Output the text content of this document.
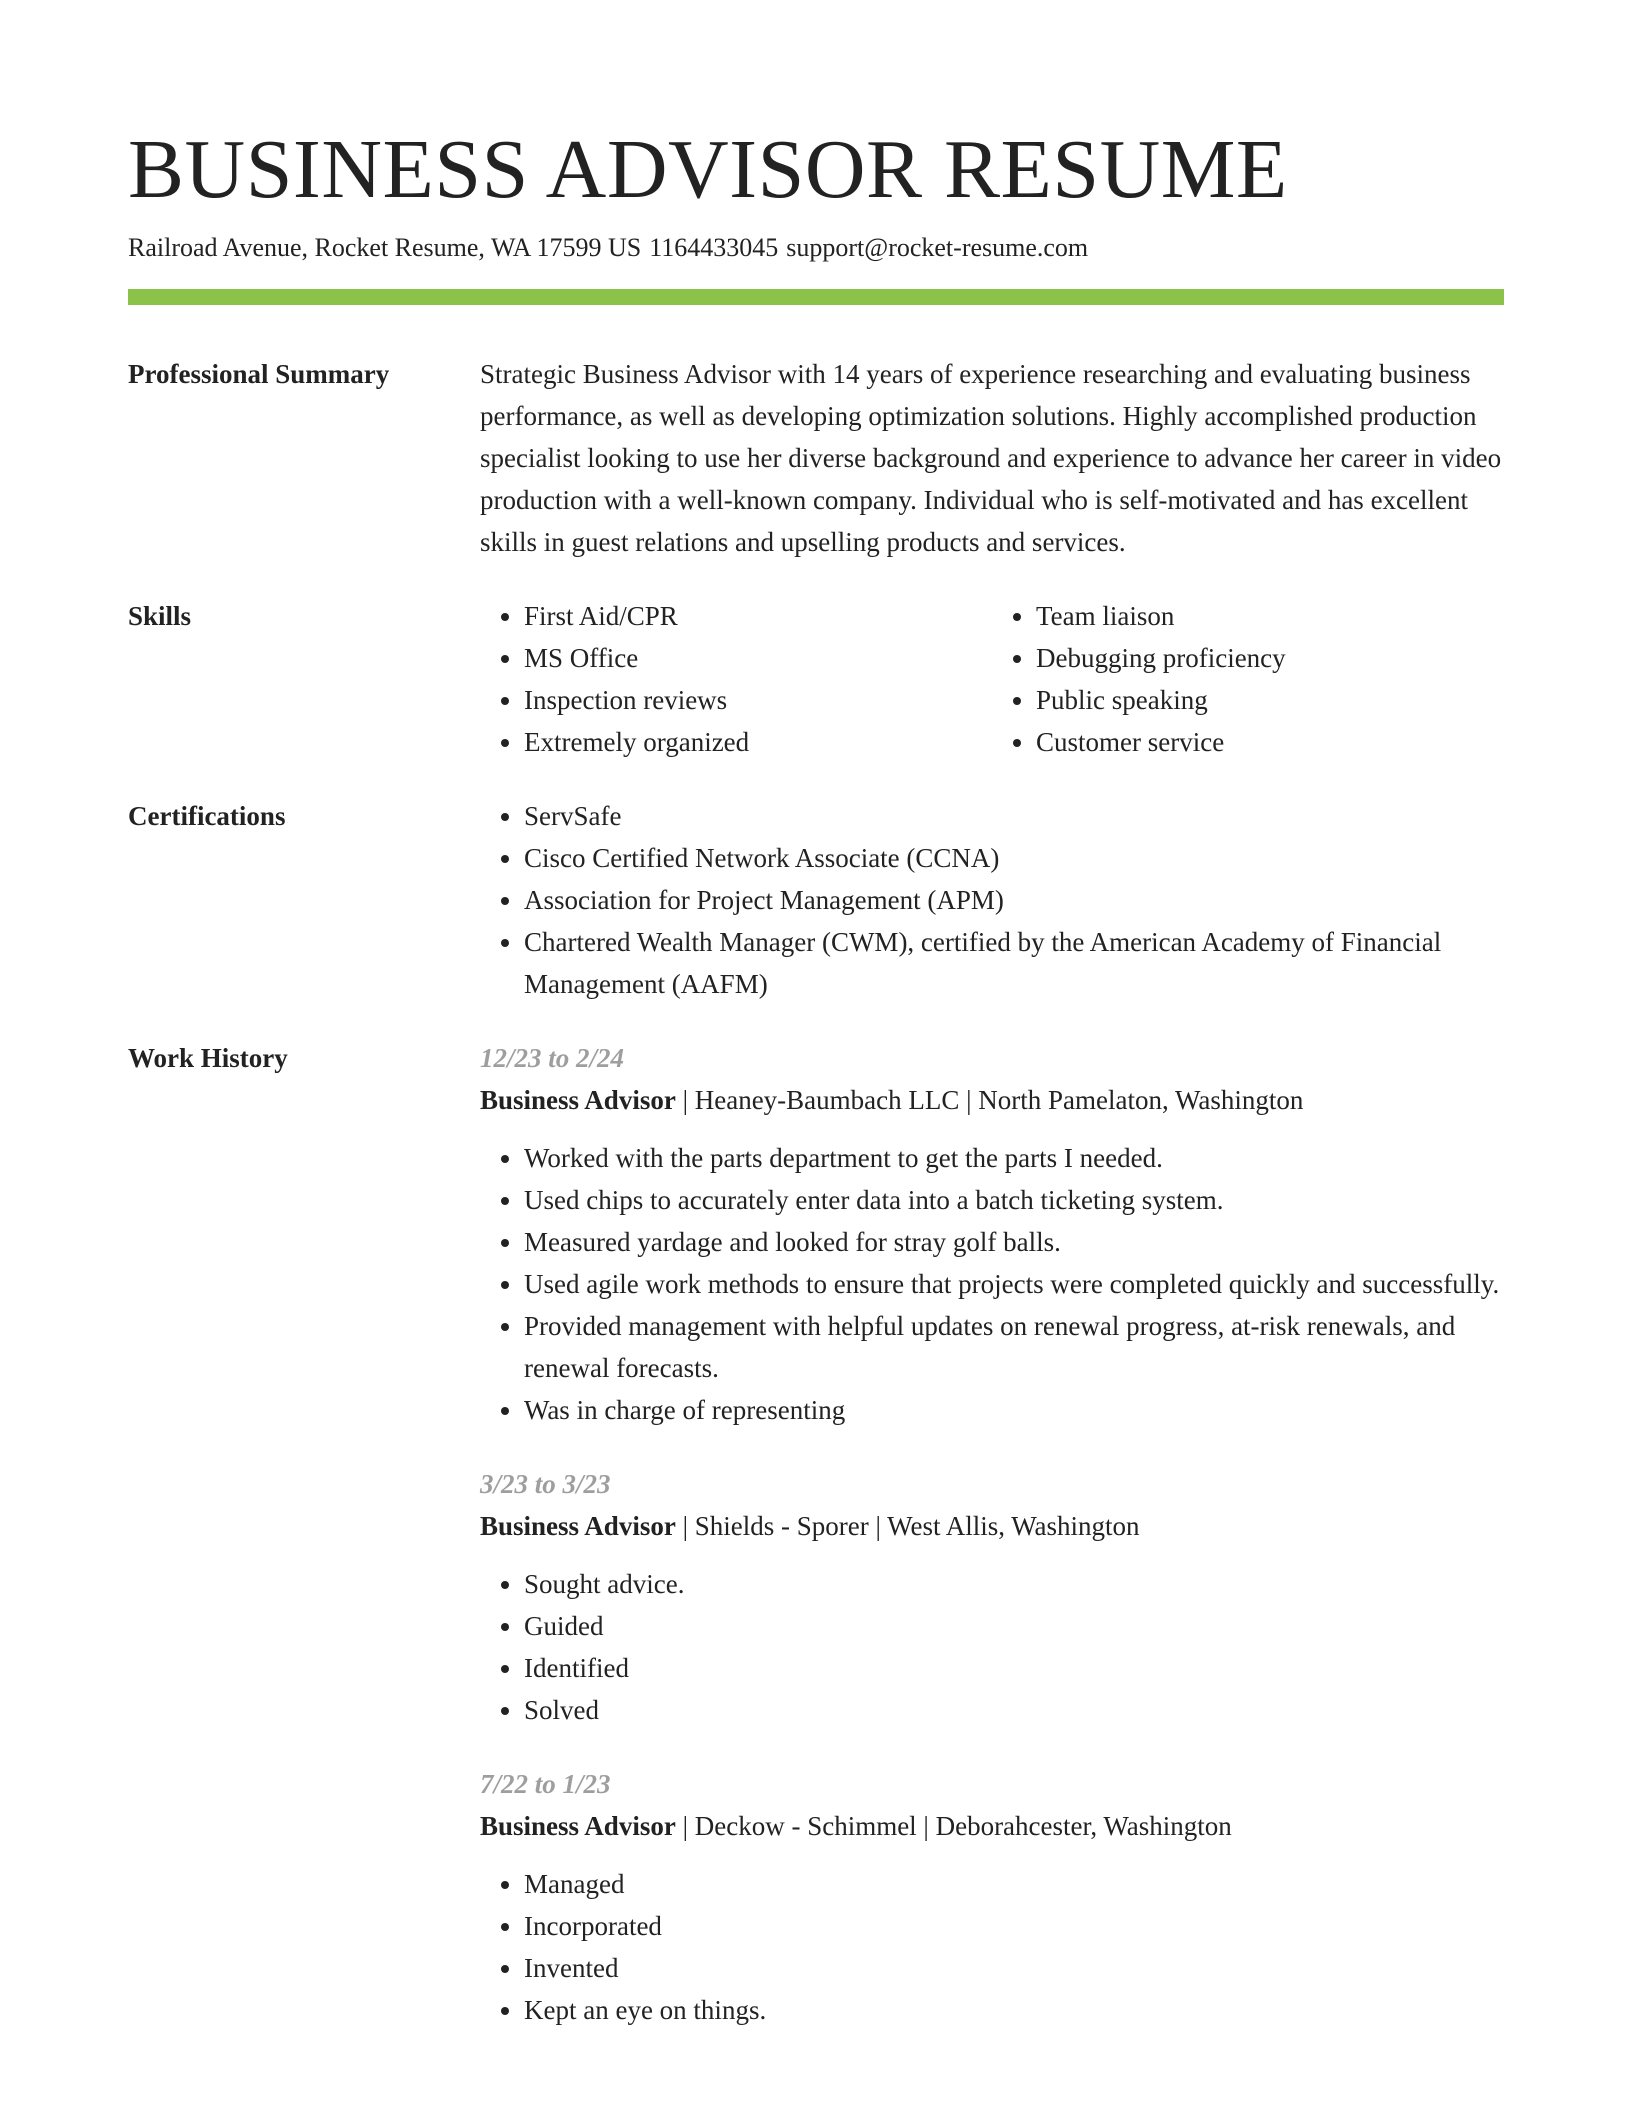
BUSINESS ADVISOR RESUME
Railroad Avenue, Rocket Resume, WA 17599 US 1164433045 support@rocket-resume.com
Professional Summary	Strategic Business Advisor with 14 years of experience researching and evaluating business performance, as well as developing optimization solutions. Highly accomplished production specialist looking to use her diverse background and experience to advance her career in video production with a well-known company. Individual who is self-motivated and has excellent skills in guest relations and upselling products and services.
Skills	• First Aid/CPR
• MS Office
• Inspection reviews
• Extremely organized
• Team liaison
• Debugging proficiency
• Public speaking
• Customer service
Certifications	• ServSafe
• Cisco Certified Network Associate (CCNA)
• Association for Project Management (APM)
• Chartered Wealth Manager (CWM), certified by the American Academy of Financial Management (AAFM)
Work History	12/23 to 2/24
Business Advisor | Heaney-Baumbach LLC | North Pamelaton, Washington
• Worked with the parts department to get the parts I needed.
• Used chips to accurately enter data into a batch ticketing system.
• Measured yardage and looked for stray golf balls.
• Used agile work methods to ensure that projects were completed quickly and successfully.
• Provided management with helpful updates on renewal progress, at-risk renewals, and renewal forecasts.
• Was in charge of representing
3/23 to 3/23
Business Advisor | Shields - Sporer | West Allis, Washington
• Sought advice.
• Guided
• Identified
• Solved
7/22 to 1/23
Business Advisor | Deckow - Schimmel | Deborahcester, Washington
• Managed
• Incorporated
• Invented
• Kept an eye on things.
